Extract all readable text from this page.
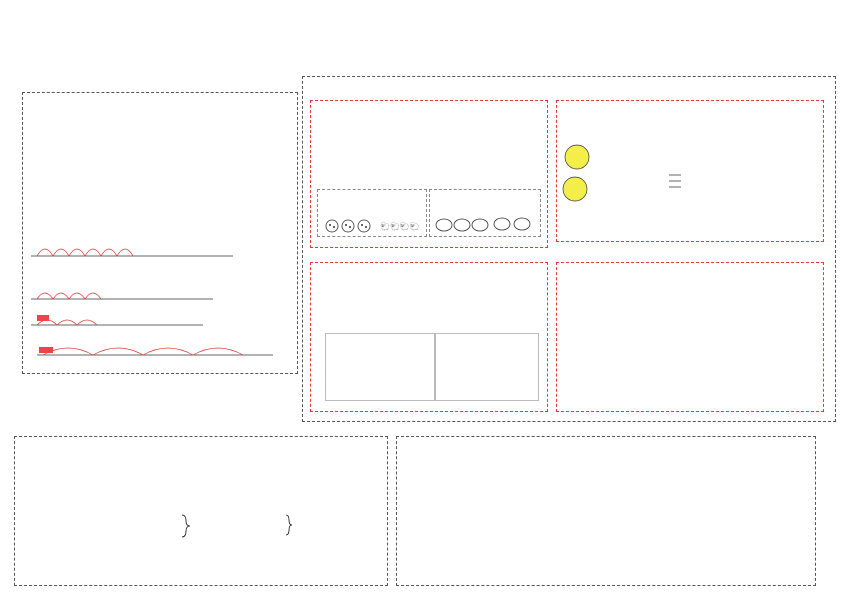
🐑🐑🐑🐑
